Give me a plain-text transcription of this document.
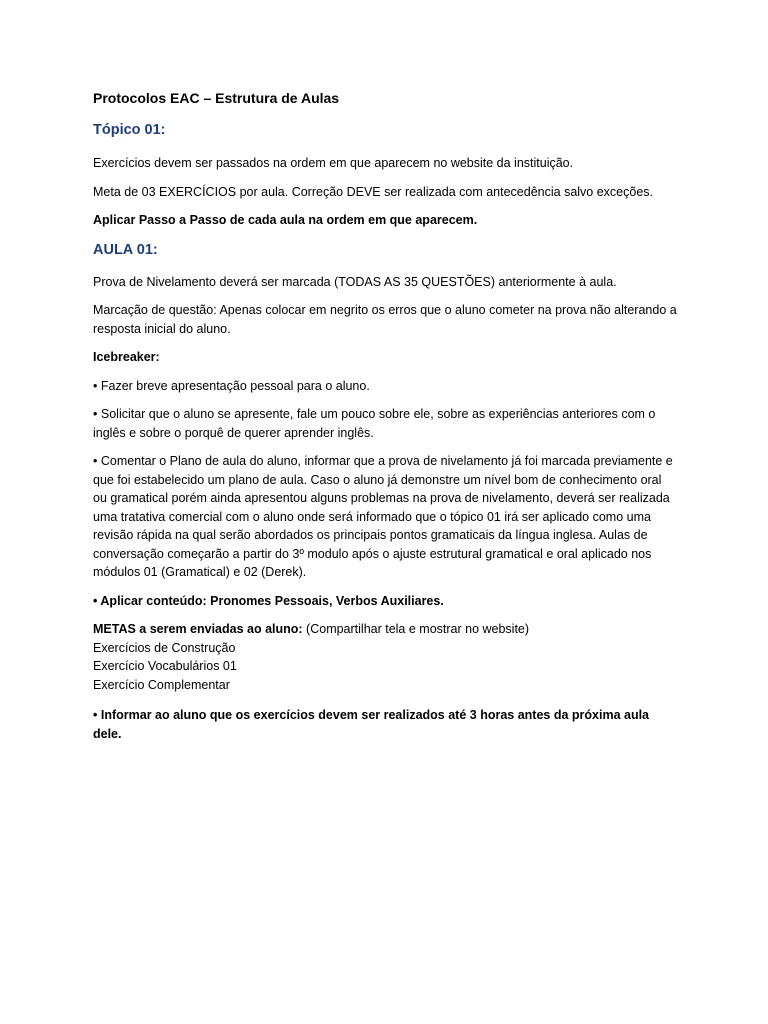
Protocolos EAC – Estrutura de Aulas
Tópico 01:

Exercícios devem ser passados na ordem em que aparecem no website da instituição.

Meta de 03 EXERCÍCIOS por aula. Correção DEVE ser realizada com antecedência salvo exceções.

Aplicar Passo a Passo de cada aula na ordem em que aparecem.

AULA 01:

Prova de Nivelamento deverá ser marcada (TODAS AS 35 QUESTÕES) anteriormente à aula.

Marcação de questão: Apenas colocar em negrito os erros que o aluno cometer na prova não alterando a resposta inicial do aluno.

Icebreaker:

• Fazer breve apresentação pessoal para o aluno.

• Solicitar que o aluno se apresente, fale um pouco sobre ele, sobre as experiências anteriores com o inglês e sobre o porquê de querer aprender inglês.

• Comentar o Plano de aula do aluno, informar que a prova de nivelamento já foi marcada previamente e que foi estabelecido um plano de aula. Caso o aluno já demonstre um nível bom de conhecimento oral ou gramatical porém ainda apresentou alguns problemas na prova de nivelamento, deverá ser realizada uma tratativa comercial com o aluno onde será informado que o tópico 01 irá ser aplicado como uma revisão rápida na qual serão abordados os principais pontos gramaticais da língua inglesa. Aulas de conversação começarão a partir do 3º modulo após o ajuste estrutural gramatical e oral aplicado nos módulos 01 (Gramatical) e 02 (Derek).

• Aplicar conteúdo: Pronomes Pessoais, Verbos Auxiliares.

METAS a serem enviadas ao aluno: (Compartilhar tela e mostrar no website)
Exercícios de Construção
Exercício Vocabulários 01
Exercício Complementar

• Informar ao aluno que os exercícios devem ser realizados até 3 horas antes da próxima aula dele.
